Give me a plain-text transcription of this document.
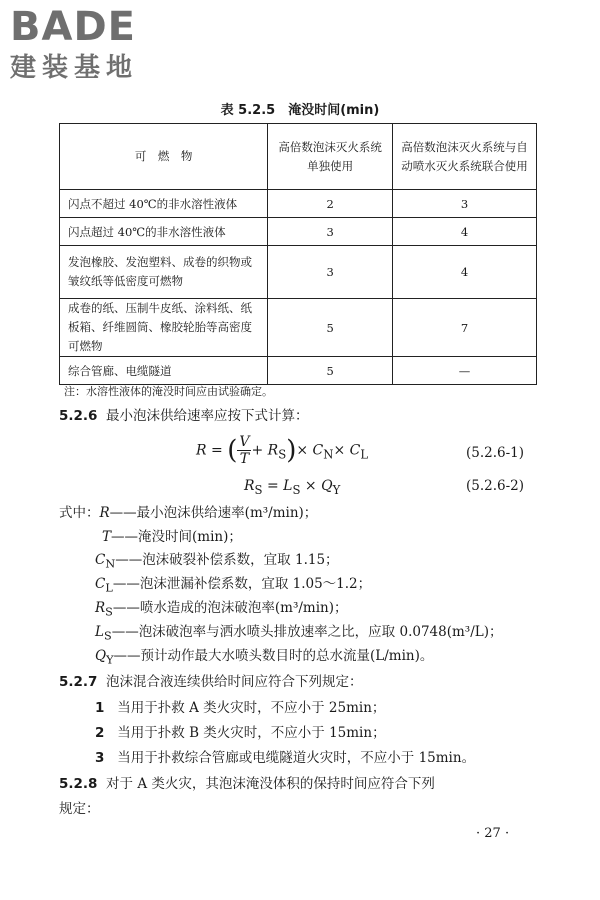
BADE
建装基地
表 5.2.5　淹没时间(min)
可　燃　物	高倍数泡沫灭火系统单独使用	高倍数泡沫灭火系统与自动喷水灭火系统联合使用
闪点不超过 40℃的非水溶性液体	2	3
闪点超过 40℃的非水溶性液体	3	4
发泡橡胶、发泡塑料、成卷的织物或皱纹纸等低密度可燃物	3	4
成卷的纸、压制牛皮纸、涂料纸、纸板箱、纤维圆筒、橡胶轮胎等高密度可燃物	5	7
综合管廊、电缆隧道	5	—
注：水溶性液体的淹没时间应由试验确定。
5.2.6 最小泡沫供给速率应按下式计算：
R = ( $\frac{V}{T} + R_S)\times C_N\times C_L$	(5.2.6-1)
$R_S = L_S \times Q_Y$	(5.2.6-2)
式中：R——最小泡沫供给速率(m³/min)；
T——淹没时间(min)；
$C_N——$泡沫破裂补偿系数，宜取 1.15；
$C_L——$泡沫泄漏补偿系数，宜取 1.05～1.2；
$R_S——$喷水造成的泡沫破泡率(m³/min)；
$L_S——$泡沫破泡率与洒水喷头排放速率之比，应取 0.0748(m³/L)；
$Q_Y——$预计动作最大水喷头数目时的总水流量(L/min)。
5.2.7 泡沫混合液连续供给时间应符合下列规定：
1 当用于扑救 A 类火灾时，不应小于 25min；
2 当用于扑救 B 类火灾时，不应小于 15min；
3 当用于扑救综合管廊或电缆隧道火灾时，不应小于 15min。
5.2.8 对于 A 类火灾，其泡沫淹没体积的保持时间应符合下列
规定：
· 27 ·
